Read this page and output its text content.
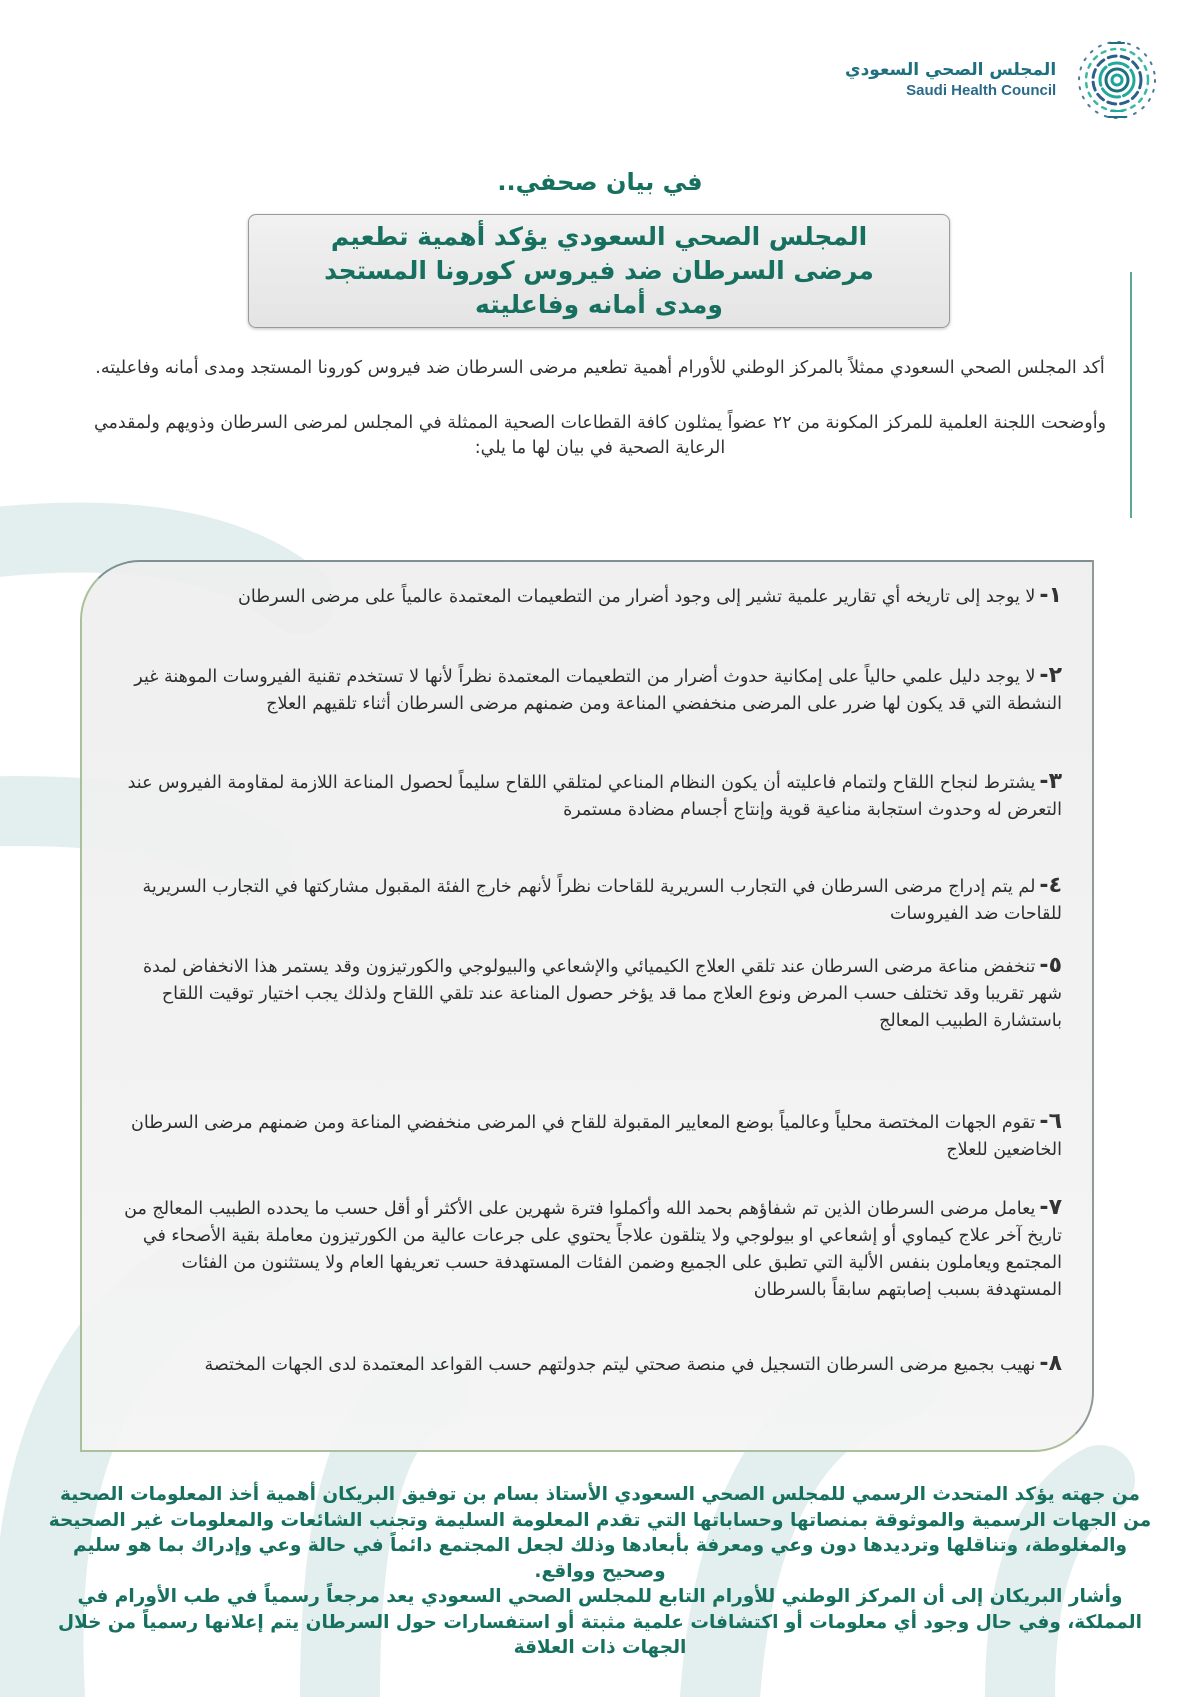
المجلس الصحي السعودي
Saudi Health Council
في بيان صحفي..
المجلس الصحي السعودي يؤكد أهمية تطعيم
مرضى السرطان ضد فيروس كورونا المستجد
ومدى أمانه وفاعليته

أكد المجلس الصحي السعودي ممثلاً بالمركز الوطني للأورام أهمية تطعيم مرضى السرطان ضد فيروس كورونا المستجد ومدى أمانه وفاعليته.

وأوضحت اللجنة العلمية للمركز المكونة من ٢٢ عضواً يمثلون كافة القطاعات الصحية الممثلة في المجلس لمرضى السرطان وذويهم ولمقدمي الرعاية الصحية في بيان لها ما يلي:

١-لا يوجد إلى تاريخه أي تقارير علمية تشير إلى وجود أضرار من التطعيمات المعتمدة عالمياً على مرضى السرطان
٢-لا يوجد دليل علمي حالياً على إمكانية حدوث أضرار من التطعيمات المعتمدة نظراً لأنها لا تستخدم تقنية الفيروسات الموهنة غير النشطة التي قد يكون لها ضرر على المرضى منخفضي المناعة ومن ضمنهم مرضى السرطان أثناء تلقيهم العلاج
٣-يشترط لنجاح اللقاح ولتمام فاعليته أن يكون النظام المناعي لمتلقي اللقاح سليماً لحصول المناعة اللازمة لمقاومة الفيروس عند التعرض له وحدوث استجابة مناعية قوية وإنتاج أجسام مضادة مستمرة
٤-لم يتم إدراج مرضى السرطان في التجارب السريرية للقاحات نظراً لأنهم خارج الفئة المقبول مشاركتها في التجارب السريرية للقاحات ضد الفيروسات
٥-تنخفض مناعة مرضى السرطان عند تلقي العلاج الكيميائي والإشعاعي والبيولوجي والكورتيزون وقد يستمر هذا الانخفاض لمدة شهر تقريبا وقد تختلف حسب المرض ونوع العلاج مما قد يؤخر حصول المناعة عند تلقي اللقاح ولذلك يجب اختيار توقيت اللقاح باستشارة الطبيب المعالج
٦-تقوم الجهات المختصة محلياً وعالمياً بوضع المعايير المقبولة للقاح في المرضى منخفضي المناعة ومن ضمنهم مرضى السرطان الخاضعين للعلاج
٧-يعامل مرضى السرطان الذين تم شفاؤهم بحمد الله وأكملوا فترة شهرين على الأكثر أو أقل حسب ما يحدده الطبيب المعالج من تاريخ آخر علاج كيماوي أو إشعاعي او بيولوجي ولا يتلقون علاجاً يحتوي على جرعات عالية من الكورتيزون معاملة بقية الأصحاء في المجتمع ويعاملون بنفس الألية التي تطبق على الجميع وضمن الفئات المستهدفة حسب تعريفها العام ولا يستثنون من الفئات المستهدفة بسبب إصابتهم سابقاً بالسرطان
٨-نهيب بجميع مرضى السرطان التسجيل في منصة صحتي ليتم جدولتهم حسب القواعد المعتمدة لدى الجهات المختصة

من جهته يؤكد المتحدث الرسمي للمجلس الصحي السعودي الأستاذ بسام بن توفيق البريكان أهمية أخذ المعلومات الصحية من الجهات الرسمية والموثوقة بمنصاتها وحساباتها التي تقدم المعلومة السليمة وتجنب الشائعات والمعلومات غير الصحيحة والمغلوطة، وتناقلها وترديدها دون وعي ومعرفة بأبعادها وذلك لجعل المجتمع دائماً في حالة وعي وإدراك بما هو سليم وصحيح وواقع.

وأشار البريكان إلى أن المركز الوطني للأورام التابع للمجلس الصحي السعودي يعد مرجعاً رسمياً في طب الأورام في المملكة، وفي حال وجود أي معلومات أو اكتشافات علمية مثبتة أو استفسارات حول السرطان يتم إعلانها رسمياً من خلال الجهات ذات العلاقة
